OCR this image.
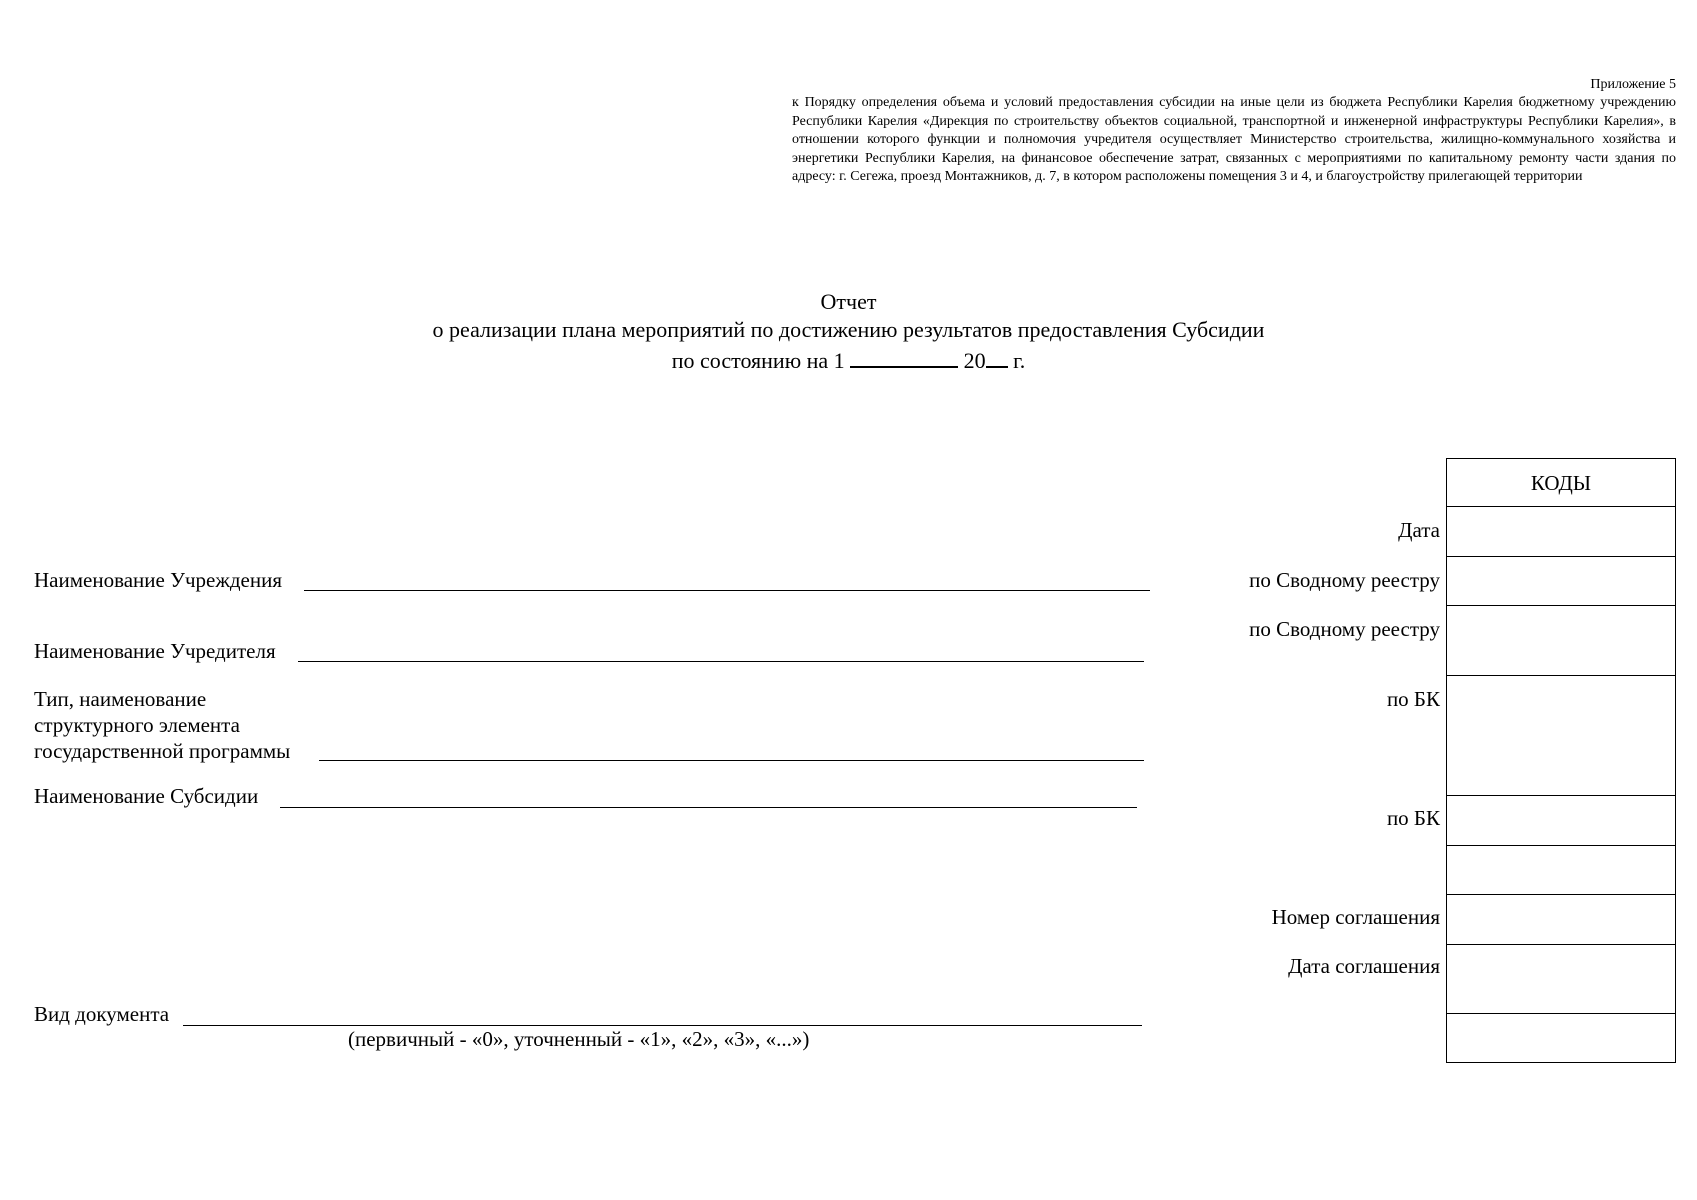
Приложение 5
к Порядку определения объема и условий предоставления субсидии на иные цели из бюджета Республики Карелия бюджетному учреждению Республики Карелия «Дирекция по строительству объектов социальной, транспортной и инженерной инфраструктуры Республики Карелия», в отношении которого функции и полномочия учредителя осуществляет Министерство строительства, жилищно-коммунального хозяйства и энергетики Республики Карелия, на финансовое обеспечение затрат, связанных с мероприятиями по капитальному ремонту части здания по адресу: г. Сегежа, проезд Монтажников, д. 7, в котором расположены помещения 3 и 4, и благоустройству прилегающей территории
Отчет
о реализации плана мероприятий по достижению результатов предоставления Субсидии
по состоянию на 1	20 г.
Наименование Учреждения
Наименование Учредителя
Тип, наименование
структурного элемента
государственной программы
Наименование Субсидии
Вид документа
(первичный - «0», уточненный - «1», «2», «3», «...»)
Дата
по Сводному реестру
по Сводному реестру
по БК
по БК
Номер соглашения
Дата соглашения
КОДЫ
